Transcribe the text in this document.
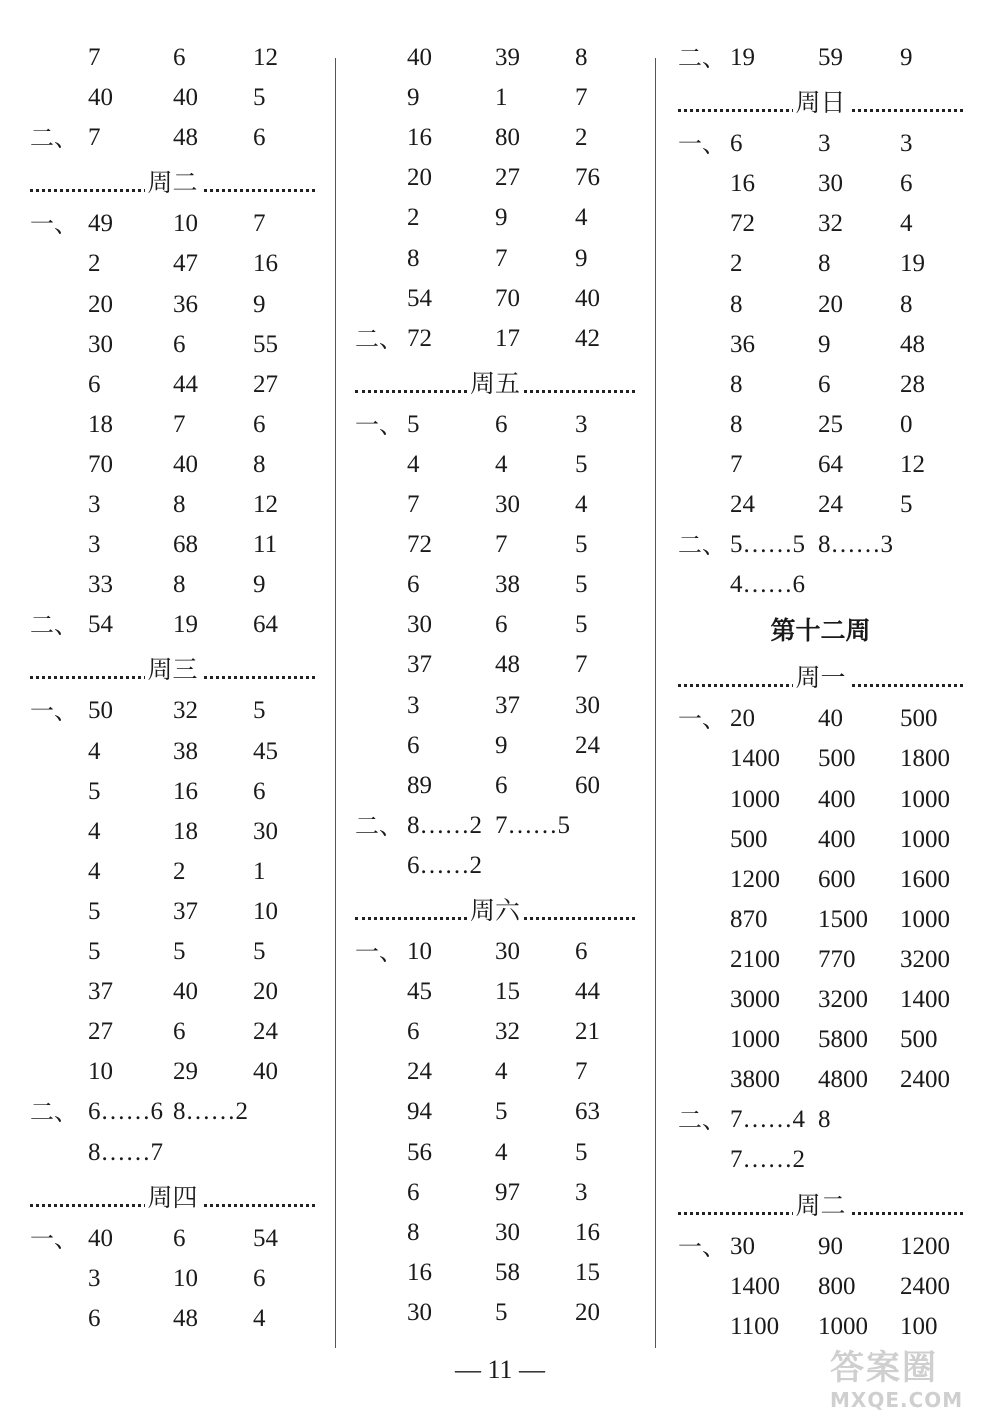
7	6	12
40 40 5
二、 7	48 6
周二
一、 49 10 7
2	47 16
20 36 9
30 6	55
6	44 27
18 7	6
70 40 8
3	8	12
3	68 11
33 8	9
二、 54 19 64
周三
一、 50 32 5
4	38 45
5	16 6
4	18 30
4	2	1
5	37 10
5	5	5
37 40 20
27 6	24
10 29 40
二、 6……6 8……2
8……7
周四
一、 40 6	54
3	10 6
6	48 4
40	39 8
9	1	7
16	80 2
20	27 76
2	9	4
8	7	9
54	70 40
二、 72	17 42
周五
一、 5	6	3
4	4	5
7	30 4
72	7	5
6	38 5
30	6	5
37	48 7
3	37 30
6	9	24
89	6	60
二、 8……2 7……5
6……2
周六
一、 10	30 6
45	15 44
6	32 21
24	4	7
94	5	63
56	4	5
6	97 3
8	30 16
16	58 15
30	5	20
二、 19	59 9
周日
一、 6	3	3
16	30 6
72	32 4
2	8	19
8	20 8
36	9	48
8	6	28
8	25 0
7	64 12
24	24 5
二、 5……5 8……3
4……6
第十二周
周一
一、 20	40 500
1400 500 1800
1000 400 1000
500 400 1000
1200 600 1600
870 1500 1000
2100 770 3200
3000 3200 1400
1000 5800 500
3800 4800 2400
二、 7……4 8
7……2
周二
一、 30	90 1200
1400 800 2400
1100 1000 100
— 11 —	答案圈
MXQE.COM
